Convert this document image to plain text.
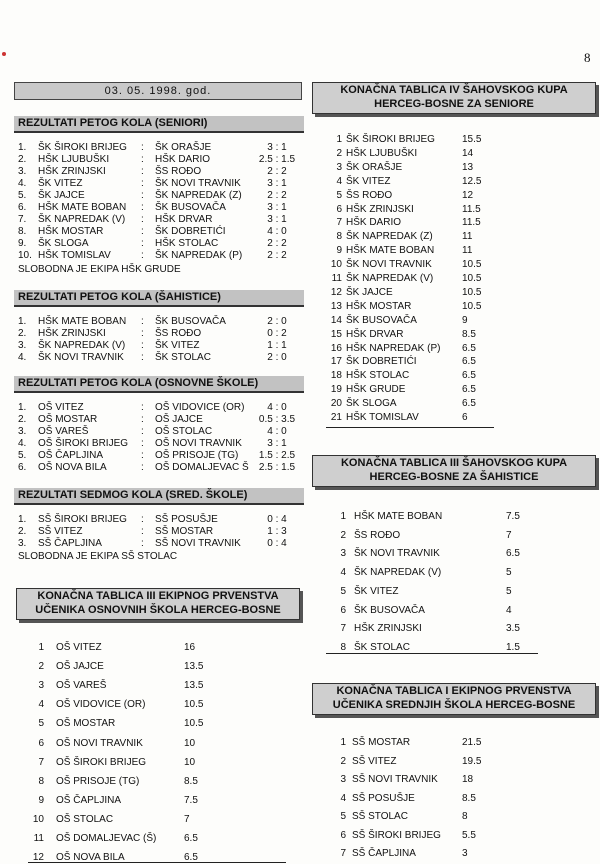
8
03. 05. 1998. god.
REZULTATI PETOG KOLA (SENIORI)
1. ŠK ŠIROKI BRIJEG : ŠK ORAŠJE	3 : 1
2. HŠK LJUBUŠKI	: HŠK DARIO	2.5 : 1.5
3. HŠK ZRINJSKI	: ŠS ROĐO	2 : 2
4. ŠK VITEZ	: ŠK NOVI TRAVNIK	3 : 1
5. ŠK JAJCE	: ŠK NAPREDAK (Z)	2 : 2
6. HŠK MATE BOBAN : ŠK BUSOVAČA	3 : 1
7. ŠK NAPREDAK (V) : HŠK DRVAR	3 : 1
8. HŠK MOSTAR	: ŠK DOBRETIĆI	4 : 0
9. ŠK SLOGA	: HŠK STOLAC	2 : 2
10. HŠK TOMISLAV	: ŠK NAPREDAK (P)	2 : 2
SLOBODNA JE EKIPA HŠK GRUDE
REZULTATI PETOG KOLA (ŠAHISTICE)
1. HŠK MATE BOBAN : ŠK BUSOVAČA	2 : 0
2. HŠK ZRINJSKI	: ŠS ROĐO	0 : 2
3. ŠK NAPREDAK (V) : ŠK VITEZ	1 : 1
4. ŠK NOVI TRAVNIK : ŠK STOLAC	2 : 0
REZULTATI PETOG KOLA (OSNOVNE ŠKOLE)
1. OŠ VITEZ	: OŠ VIDOVICE (OR)	4 : 0
2. OŠ MOSTAR	: OŠ JAJCE	0.5 : 3.5
3. OŠ VAREŠ	: OŠ STOLAC	4 : 0
4. OŠ ŠIROKI BRIJEG : OŠ NOVI TRAVNIK	3 : 1
5. OŠ ČAPLJINA	: OŠ PRISOJE (TG) 1.5 : 2.5
6. OŠ NOVA BILA	: OŠ DOMALJEVAC Š 2.5 : 1.5
REZULTATI SEDMOG KOLA (SRED. ŠKOLE)
1. SŠ ŠIROKI BRIJEG : SŠ POSUŠJE	0 : 4
2. SŠ VITEZ	: SŠ MOSTAR	1 : 3
3. SŠ ČAPLJINA	: SŠ NOVI TRAVNIK	0 : 4
SLOBODNA JE EKIPA SŠ STOLAC
KONAČNA TABLICA III EKIPNOG PRVENSTVA
UČENIKA OSNOVNIH ŠKOLA HERCEG-BOSNE
1 OŠ VITEZ	16
2 OŠ JAJCE	13.5
3 OŠ VAREŠ	13.5
4 OŠ VIDOVICE (OR)	10.5
5 OŠ MOSTAR	10.5
6 OŠ NOVI TRAVNIK	10
7 OŠ ŠIROKI BRIJEG	10
8 OŠ PRISOJE (TG)	8.5
9 OŠ ČAPLJINA	7.5
10 OŠ STOLAC	7
11 OŠ DOMALJEVAC (Š)	6.5
12 OŠ NOVA BILA	6.5
KONAČNA TABLICA IV ŠAHOVSKOG KUPA
HERCEG-BOSNE ZA SENIORE
1 ŠK ŠIROKI BRIJEG	15.5
2 HŠK LJUBUŠKI	14
3 ŠK ORAŠJE	13
4 ŠK VITEZ	12.5
5 ŠS ROĐO	12
6 HŠK ZRINJSKI	11.5
7 HŠK DARIO	11.5
8 ŠK NAPREDAK (Z)	11
9 HŠK MATE BOBAN	11
10 ŠK NOVI TRAVNIK	10.5
11 ŠK NAPREDAK (V)	10.5
12 ŠK JAJCE	10.5
13 HŠK MOSTAR	10.5
14 ŠK BUSOVAČA	9
15 HŠK DRVAR	8.5
16 HŠK NAPREDAK (P) 6.5
17 ŠK DOBRETIĆI	6.5
18 HŠK STOLAC	6.5
19 HŠK GRUDE	6.5
20 ŠK SLOGA	6.5
21 HŠK TOMISLAV	6
KONAČNA TABLICA III ŠAHOVSKOG KUPA
HERCEG-BOSNE ZA ŠAHISTICE
1 HŠK MATE BOBAN	7.5
2 ŠS ROĐO	7
3 ŠK NOVI TRAVNIK	6.5
4 ŠK NAPREDAK (V)	5
5 ŠK VITEZ	5
6 ŠK BUSOVAČA	4
7 HŠK ZRINJSKI	3.5
8 ŠK STOLAC	1.5
KONAČNA TABLICA I EKIPNOG PRVENSTVA
UČENIKA SREDNJIH ŠKOLA HERCEG-BOSNE
1 SŠ MOSTAR	21.5
2 SŠ VITEZ	19.5
3 SŠ NOVI TRAVNIK 18
4 SŠ POSUŠJE	8.5
5 SŠ STOLAC	8
6 SŠ ŠIROKI BRIJEG 5.5
7 SŠ ČAPLJINA	3
